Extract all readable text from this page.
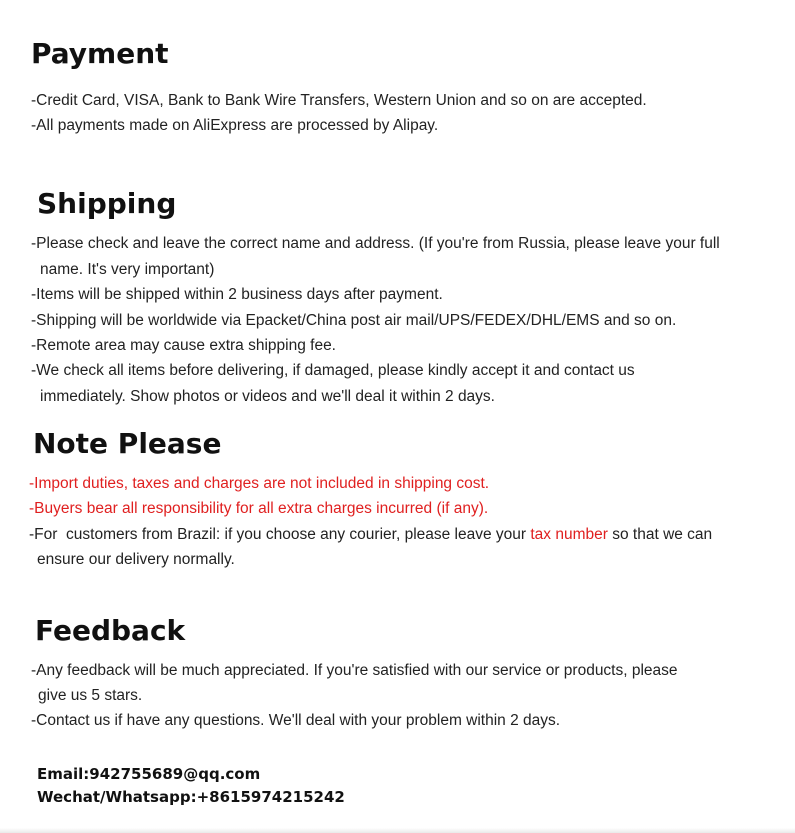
Payment
-Credit Card, VISA, Bank to Bank Wire Transfers, Western Union and so on are accepted.
-All payments made on AliExpress are processed by Alipay.
Shipping
-Please check and leave the correct name and address. (If you're from Russia, please leave your full
name. It's very important)
-Items will be shipped within 2 business days after payment.
-Shipping will be worldwide via Epacket/China post air mail/UPS/FEDEX/DHL/EMS and so on.
-Remote area may cause extra shipping fee.
-We check all items before delivering, if damaged, please kindly accept it and contact us
immediately. Show photos or videos and we'll deal it within 2 days.
Note Please
-Import duties, taxes and charges are not included in shipping cost.
-Buyers bear all responsibility for all extra charges incurred (if any).
-For  customers from Brazil: if you choose any courier, please leave your tax number so that we can
ensure our delivery normally.
Feedback
-Any feedback will be much appreciated. If you're satisfied with our service or products, please
give us 5 stars.
-Contact us if have any questions. We'll deal with your problem within 2 days.
Email:942755689@qq.com
Wechat/Whatsapp:+8615974215242
